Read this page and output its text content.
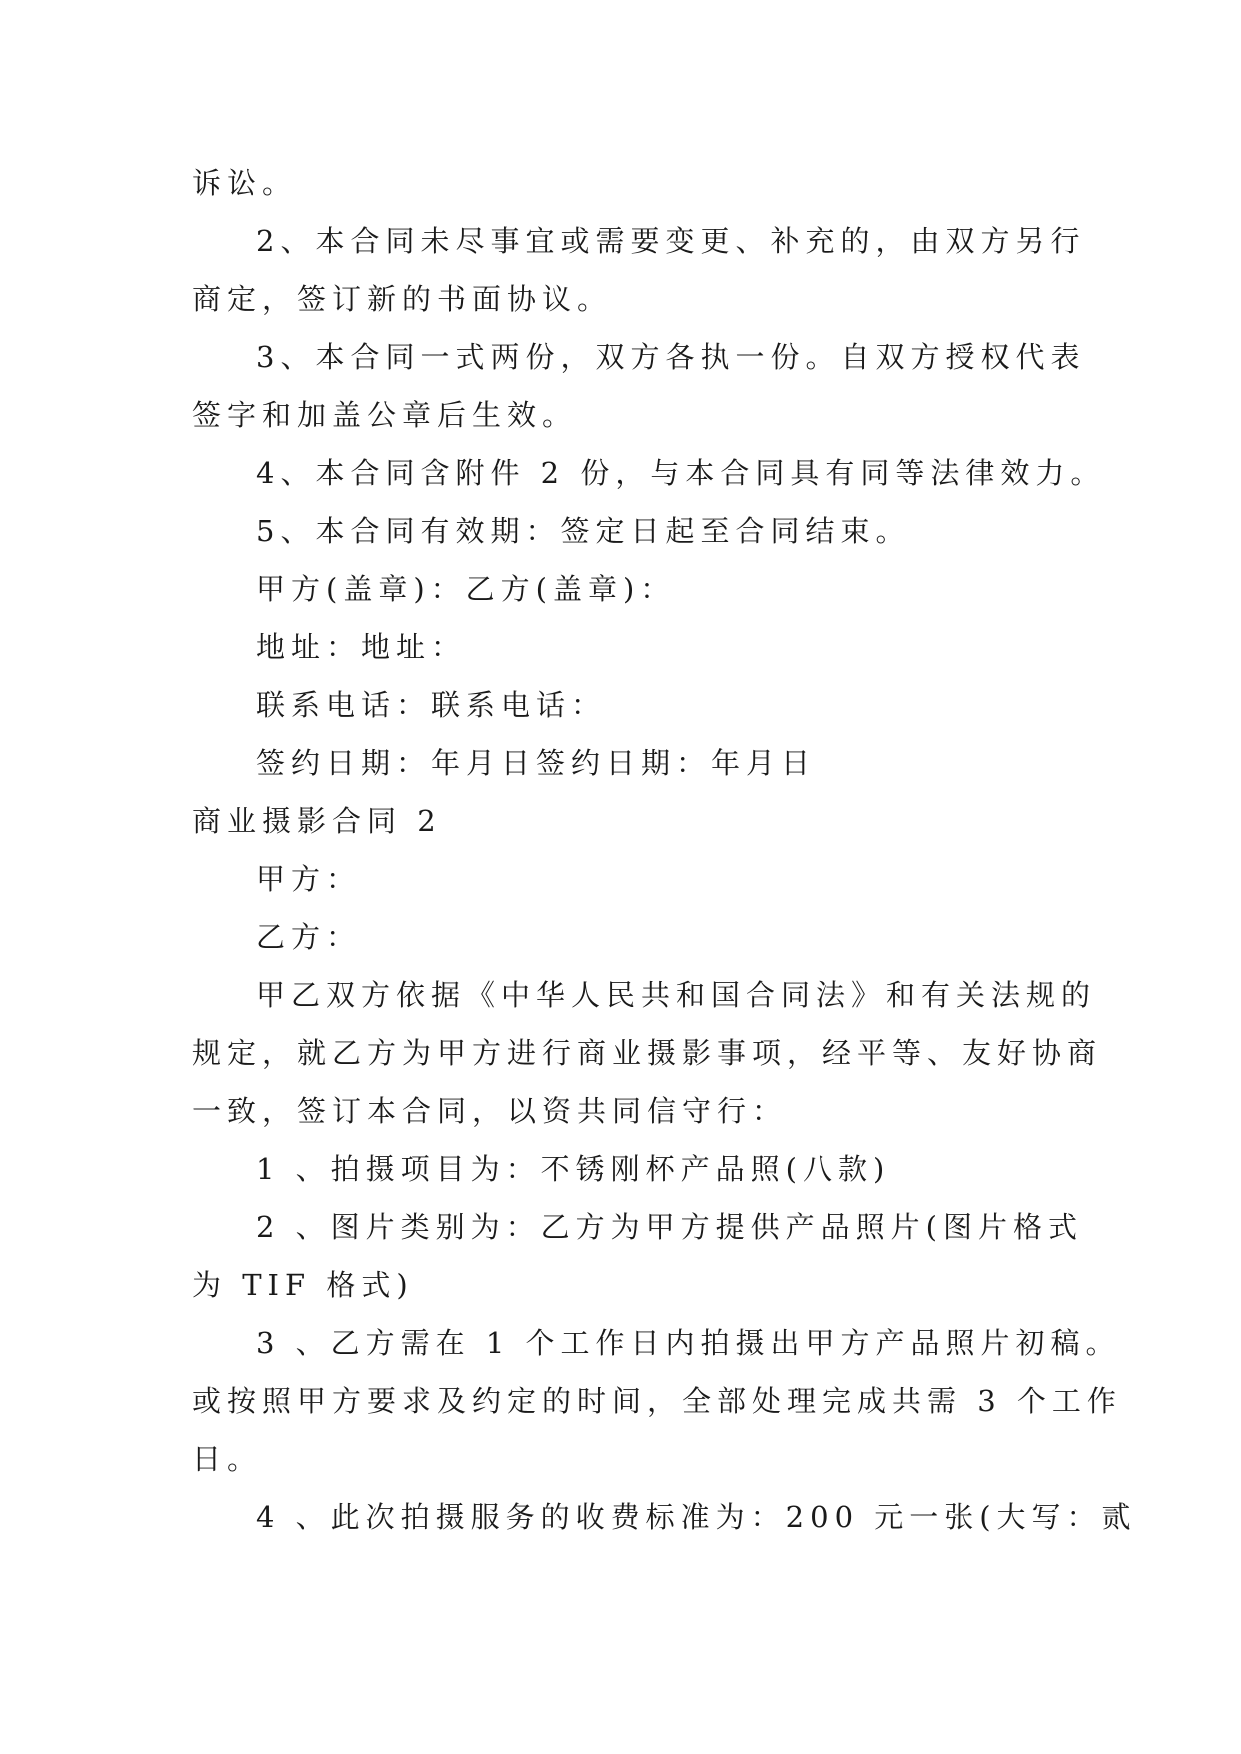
诉讼。
2、本合同未尽事宜或需要变更、补充的，由双方另行
商定，签订新的书面协议。
3、本合同一式两份，双方各执一份。自双方授权代表
签字和加盖公章后生效。
4、本合同含附件 2 份，与本合同具有同等法律效力。
5、本合同有效期：签定日起至合同结束。
甲方(盖章)：乙方(盖章)：
地址：地址：
联系电话：联系电话：
签约日期：年月日签约日期：年月日
商业摄影合同 2
甲方：
乙方：
甲乙双方依据《中华人民共和国合同法》和有关法规的
规定，就乙方为甲方进行商业摄影事项，经平等、友好协商
一致，签订本合同，以资共同信守行：
1 、拍摄项目为：不锈刚杯产品照(八款)
2 、图片类别为：乙方为甲方提供产品照片(图片格式
为 TIF 格式)
3 、乙方需在 1 个工作日内拍摄出甲方产品照片初稿。
或按照甲方要求及约定的时间，全部处理完成共需 3 个工作
日。
4 、此次拍摄服务的收费标准为：200 元一张(大写：贰
